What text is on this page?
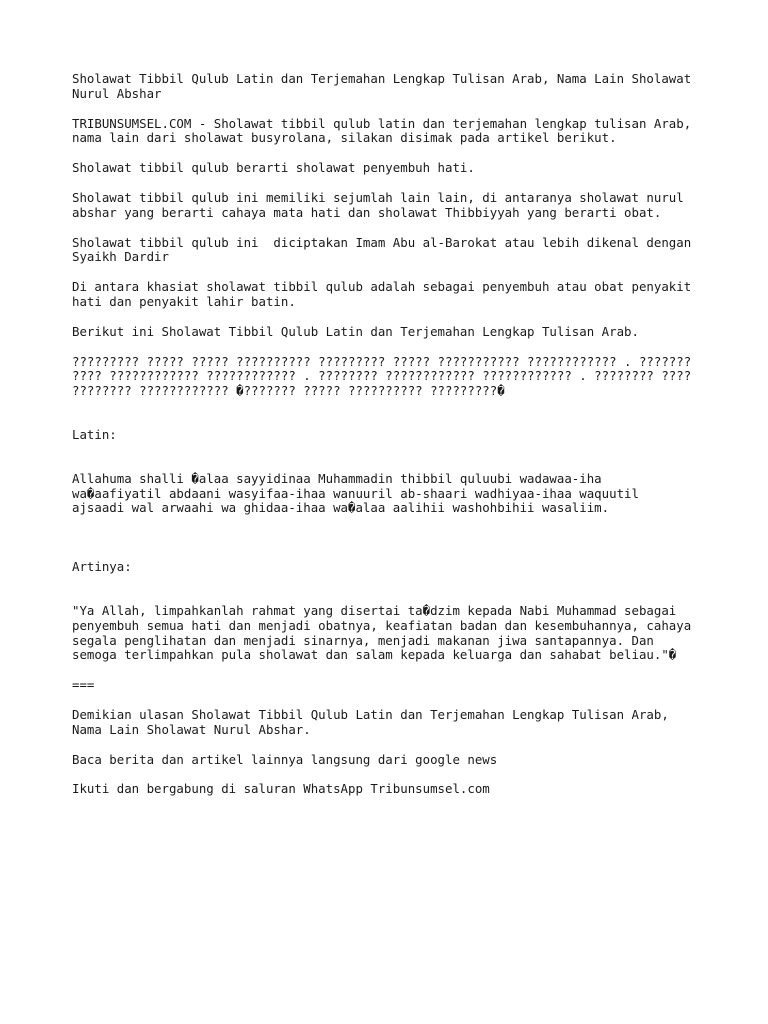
Sholawat Tibbil Qulub Latin dan Terjemahan Lengkap Tulisan Arab, Nama Lain Sholawat
Nurul Abshar

TRIBUNSUMSEL.COM - Sholawat tibbil qulub latin dan terjemahan lengkap tulisan Arab,
nama lain dari sholawat busyrolana, silakan disimak pada artikel berikut.

Sholawat tibbil qulub berarti sholawat penyembuh hati.

Sholawat tibbil qulub ini memiliki sejumlah lain lain, di antaranya sholawat nurul
abshar yang berarti cahaya mata hati dan sholawat Thibbiyyah yang berarti obat.

Sholawat tibbil qulub ini  diciptakan Imam Abu al-Barokat atau lebih dikenal dengan
Syaikh Dardir

Di antara khasiat sholawat tibbil qulub adalah sebagai penyembuh atau obat penyakit
hati dan penyakit lahir batin.

Berikut ini Sholawat Tibbil Qulub Latin dan Terjemahan Lengkap Tulisan Arab.

????????? ????? ????? ?????????? ????????? ????? ??????????? ???????????? . ???????
???? ???????????? ???????????? . ???????? ???????????? ???????????? . ???????? ????
???????? ???????????? �??????? ????? ?????????? ?????????�

Latin:

Allahuma shalli �alaa sayyidinaa Muhammadin thibbil quluubi wadawaa-iha
wa�aafiyatil abdaani wasyifaa-ihaa wanuuril ab-shaari wadhiyaa-ihaa waquutil
ajsaadi wal arwaahi wa ghidaa-ihaa wa�alaa aalihii washohbihii wasaliim.

Artinya:

"Ya Allah, limpahkanlah rahmat yang disertai ta�dzim kepada Nabi Muhammad sebagai
penyembuh semua hati dan menjadi obatnya, keafiatan badan dan kesembuhannya, cahaya
segala penglihatan dan menjadi sinarnya, menjadi makanan jiwa santapannya. Dan
semoga terlimpahkan pula sholawat dan salam kepada keluarga dan sahabat beliau."�

===

Demikian ulasan Sholawat Tibbil Qulub Latin dan Terjemahan Lengkap Tulisan Arab,
Nama Lain Sholawat Nurul Abshar.

Baca berita dan artikel lainnya langsung dari google news

Ikuti dan bergabung di saluran WhatsApp Tribunsumsel.com
